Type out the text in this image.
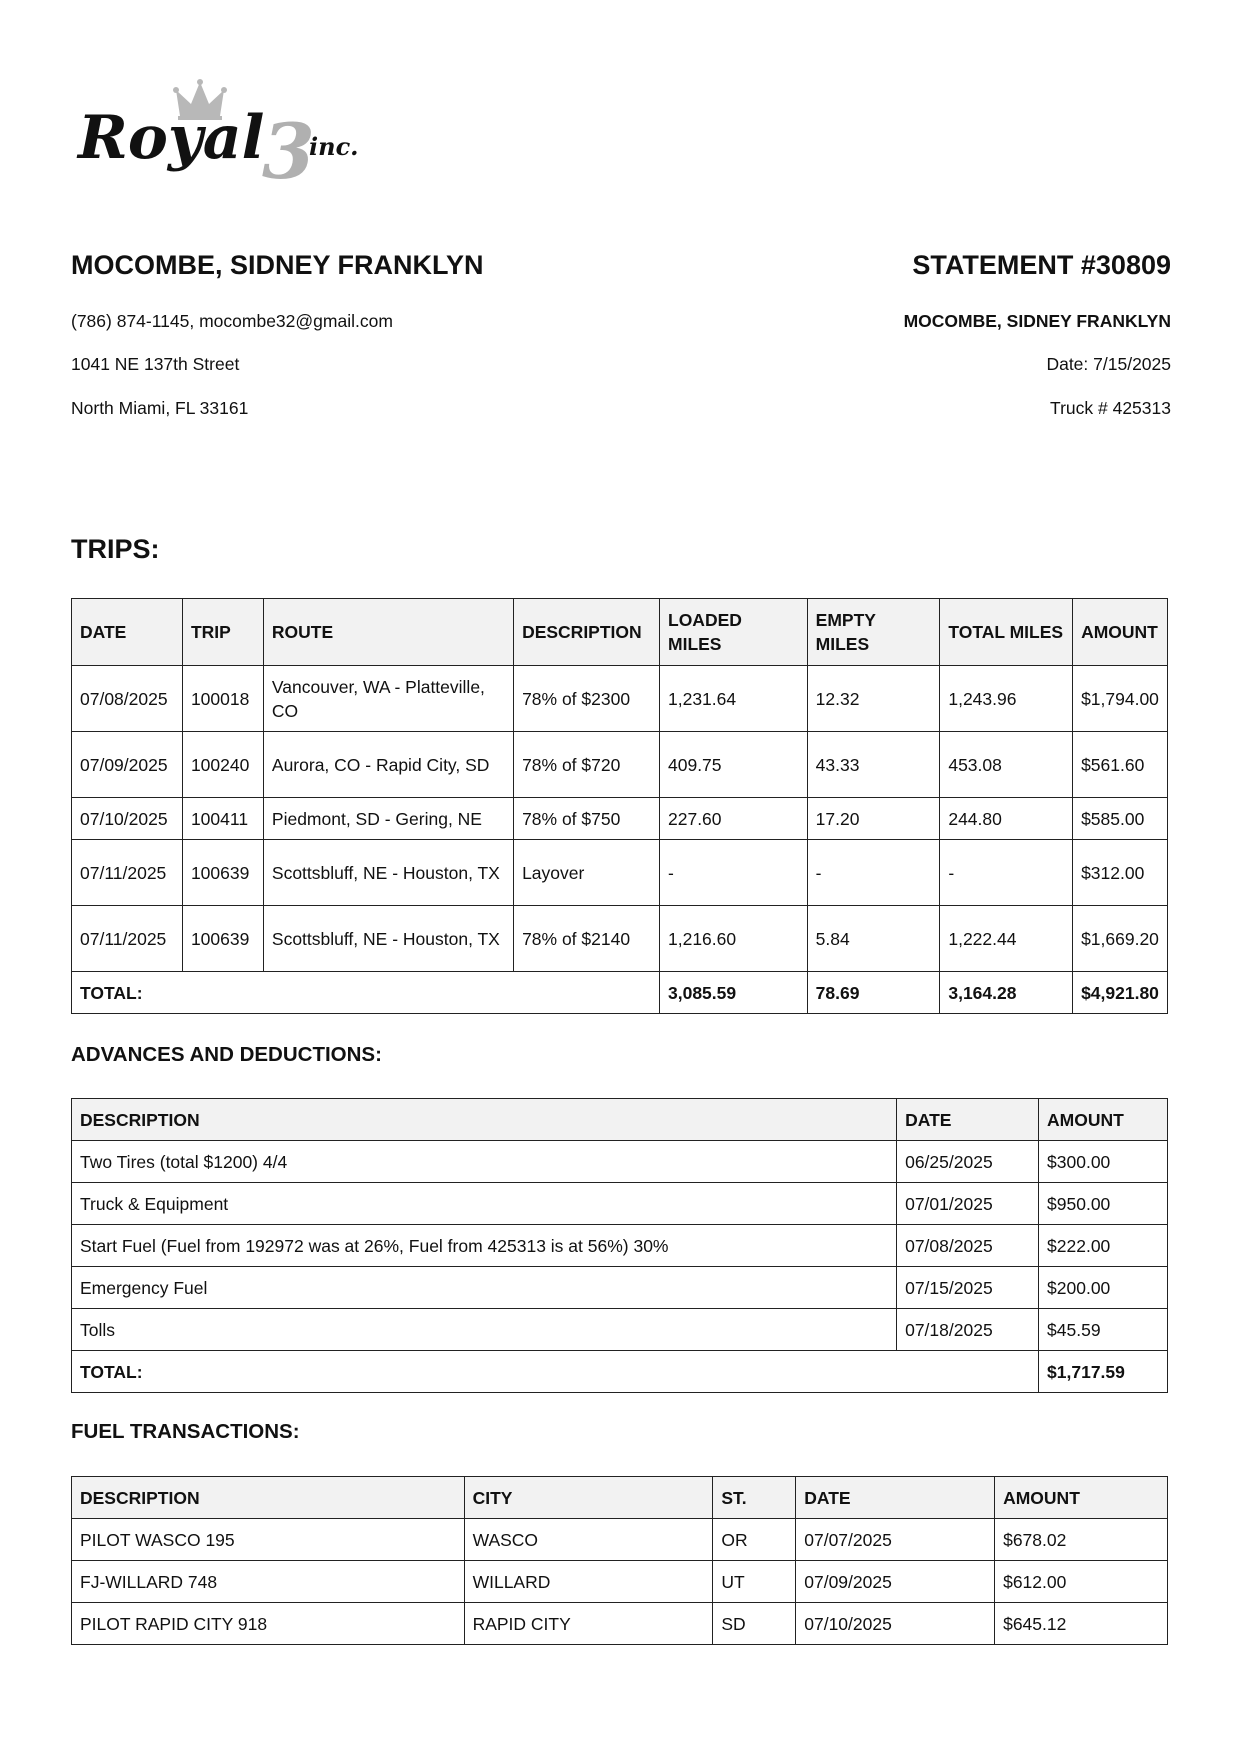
Royal
3
inc.
MOCOMBE, SIDNEY FRANKLYN
(786) 874-1145, mocombe32@gmail.com
1041 NE 137th Street
North Miami, FL 33161
STATEMENT #30809
MOCOMBE, SIDNEY FRANKLYN
Date: 7/15/2025
Truck # 425313
TRIPS:
DATE	TRIP	ROUTE	DESCRIPTION	LOADED MILES	EMPTY MILES	TOTAL MILES	AMOUNT
07/08/2025	100018	Vancouver, WA - Platteville, CO	78% of $2300	1,231.64	12.32	1,243.96	$1,794.00
07/09/2025	100240	Aurora, CO - Rapid City, SD	78% of $720	409.75	43.33	453.08	$561.60
07/10/2025	100411	Piedmont, SD - Gering, NE	78% of $750	227.60	17.20	244.80	$585.00
07/11/2025	100639	Scottsbluff, NE - Houston, TX	Layover	-	-	-	$312.00
07/11/2025	100639	Scottsbluff, NE - Houston, TX	78% of $2140	1,216.60	5.84	1,222.44	$1,669.20
TOTAL:				3,085.59	78.69	3,164.28	$4,921.80
ADVANCES AND DEDUCTIONS:
DESCRIPTION	DATE	AMOUNT
Two Tires (total $1200) 4/4	06/25/2025	$300.00
Truck & Equipment	07/01/2025	$950.00
Start Fuel (Fuel from 192972 was at 26%, Fuel from 425313 is at 56%) 30%	07/08/2025	$222.00
Emergency Fuel	07/15/2025	$200.00
Tolls	07/18/2025	$45.59
TOTAL:		$1,717.59
FUEL TRANSACTIONS:
DESCRIPTION	CITY	ST.	DATE	AMOUNT
PILOT WASCO 195	WASCO	OR	07/07/2025	$678.02
FJ-WILLARD 748	WILLARD	UT	07/09/2025	$612.00
PILOT RAPID CITY 918	RAPID CITY	SD	07/10/2025	$645.12
